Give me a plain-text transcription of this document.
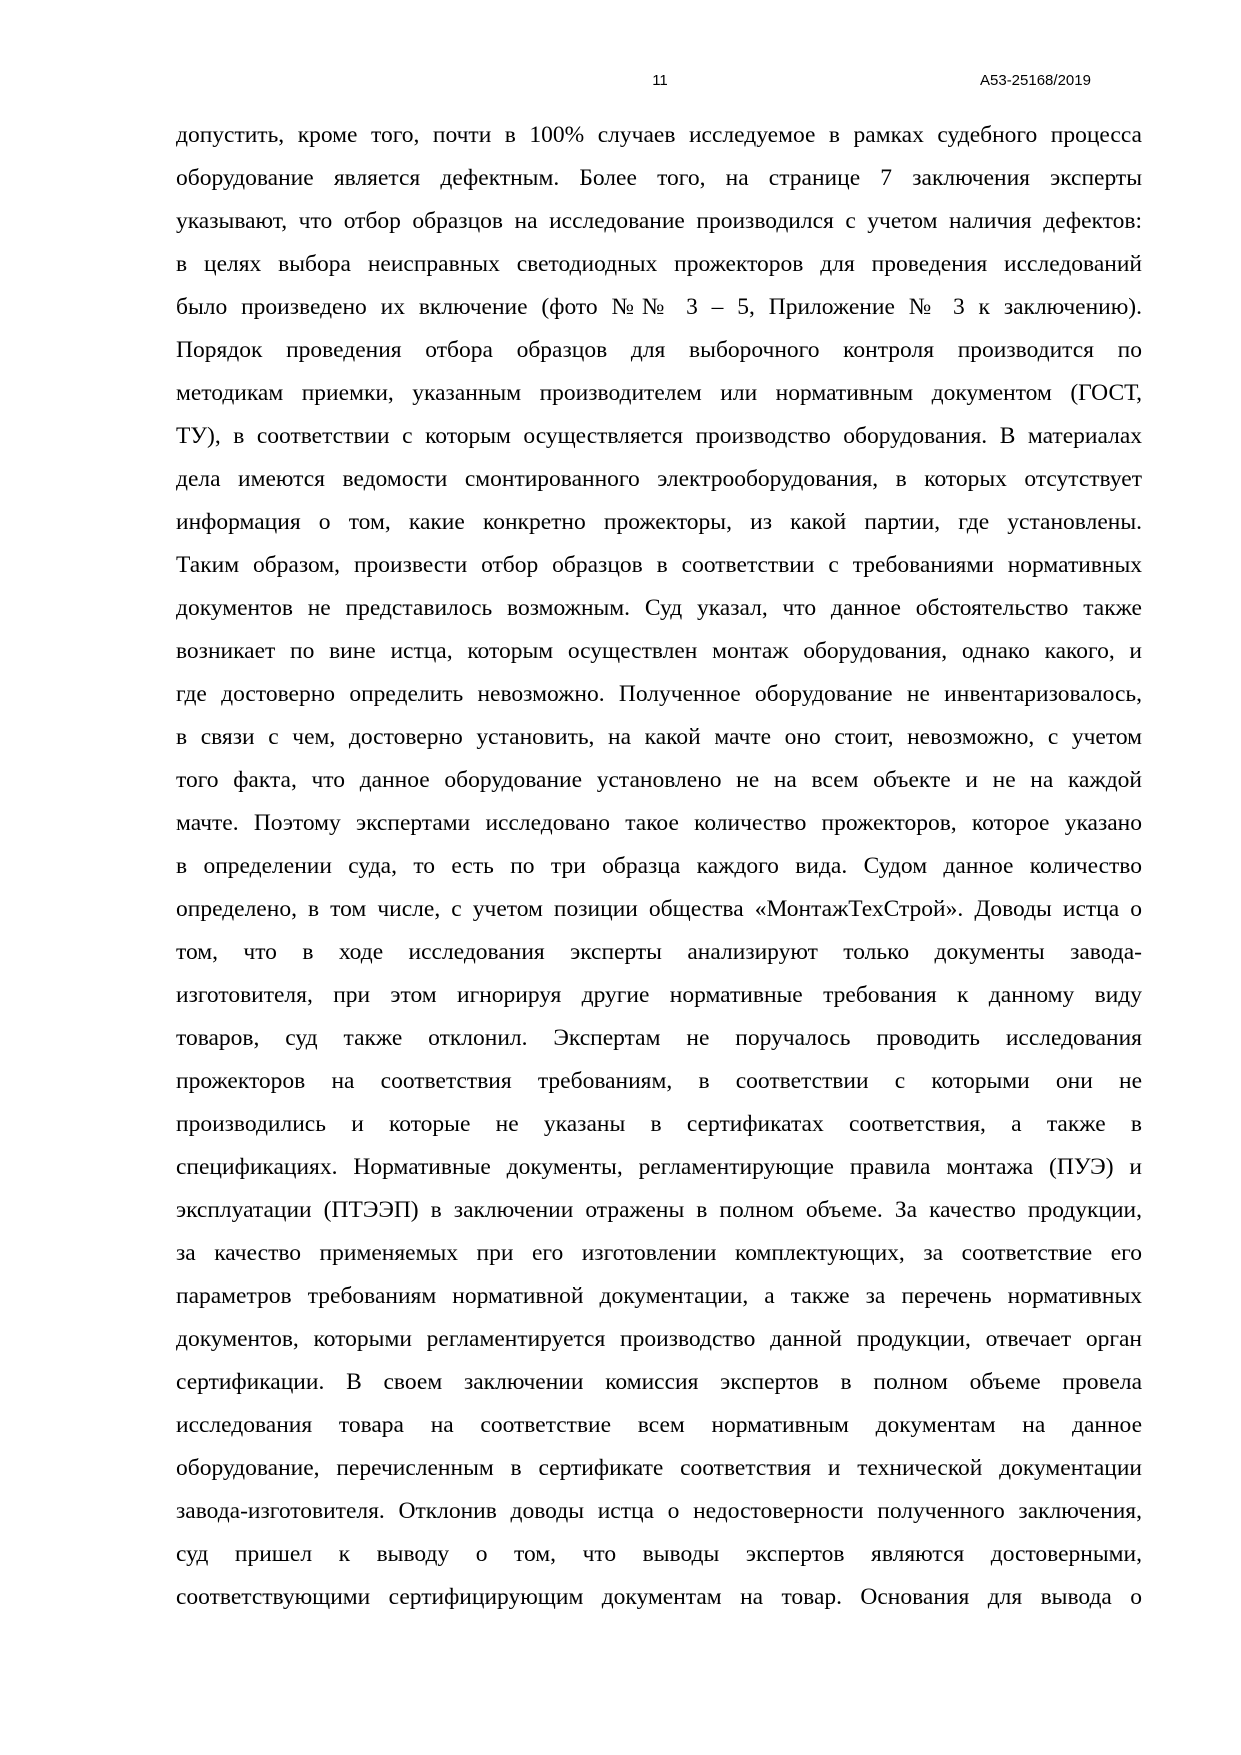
11	А53-25168/2019
допустить, кроме того, почти в 100% случаев исследуемое в рамках судебного процесса
оборудование является дефектным. Более того, на странице 7 заключения эксперты
указывают, что отбор образцов на исследование производился с учетом наличия дефектов:
в целях выбора неисправных светодиодных прожекторов для проведения исследований
было произведено их включение (фото №№ 3 – 5, Приложение № 3 к заключению).
Порядок проведения отбора образцов для выборочного контроля производится по
методикам приемки, указанным производителем или нормативным документом (ГОСТ,
ТУ), в соответствии с которым осуществляется производство оборудования. В материалах
дела имеются ведомости смонтированного электрооборудования, в которых отсутствует
информация о том, какие конкретно прожекторы, из какой партии, где установлены.
Таким образом, произвести отбор образцов в соответствии с требованиями нормативных
документов не представилось возможным. Суд указал, что данное обстоятельство также
возникает по вине истца, которым осуществлен монтаж оборудования, однако какого, и
где достоверно определить невозможно. Полученное оборудование не инвентаризовалось,
в связи с чем, достоверно установить, на какой мачте оно стоит, невозможно, с учетом
того факта, что данное оборудование установлено не на всем объекте и не на каждой
мачте. Поэтому экспертами исследовано такое количество прожекторов, которое указано
в определении суда, то есть по три образца каждого вида. Судом данное количество
определено, в том числе, с учетом позиции общества «МонтажТехСтрой». Доводы истца о
том, что в ходе исследования эксперты анализируют только документы завода-
изготовителя, при этом игнорируя другие нормативные требования к данному виду
товаров, суд также отклонил. Экспертам не поручалось проводить исследования
прожекторов на соответствия требованиям, в соответствии с которыми они не
производились и которые не указаны в сертификатах соответствия, а также в
спецификациях. Нормативные документы, регламентирующие правила монтажа (ПУЭ) и
эксплуатации (ПТЭЭП) в заключении отражены в полном объеме. За качество продукции,
за качество применяемых при его изготовлении комплектующих, за соответствие его
параметров требованиям нормативной документации, а также за перечень нормативных
документов, которыми регламентируется производство данной продукции, отвечает орган
сертификации. В своем заключении комиссия экспертов в полном объеме провела
исследования товара на соответствие всем нормативным документам на данное
оборудование, перечисленным в сертификате соответствия и технической документации
завода-изготовителя. Отклонив доводы истца о недостоверности полученного заключения,
суд пришел к выводу о том, что выводы экспертов являются достоверными,
соответствующими сертифицирующим документам на товар. Основания для вывода о
